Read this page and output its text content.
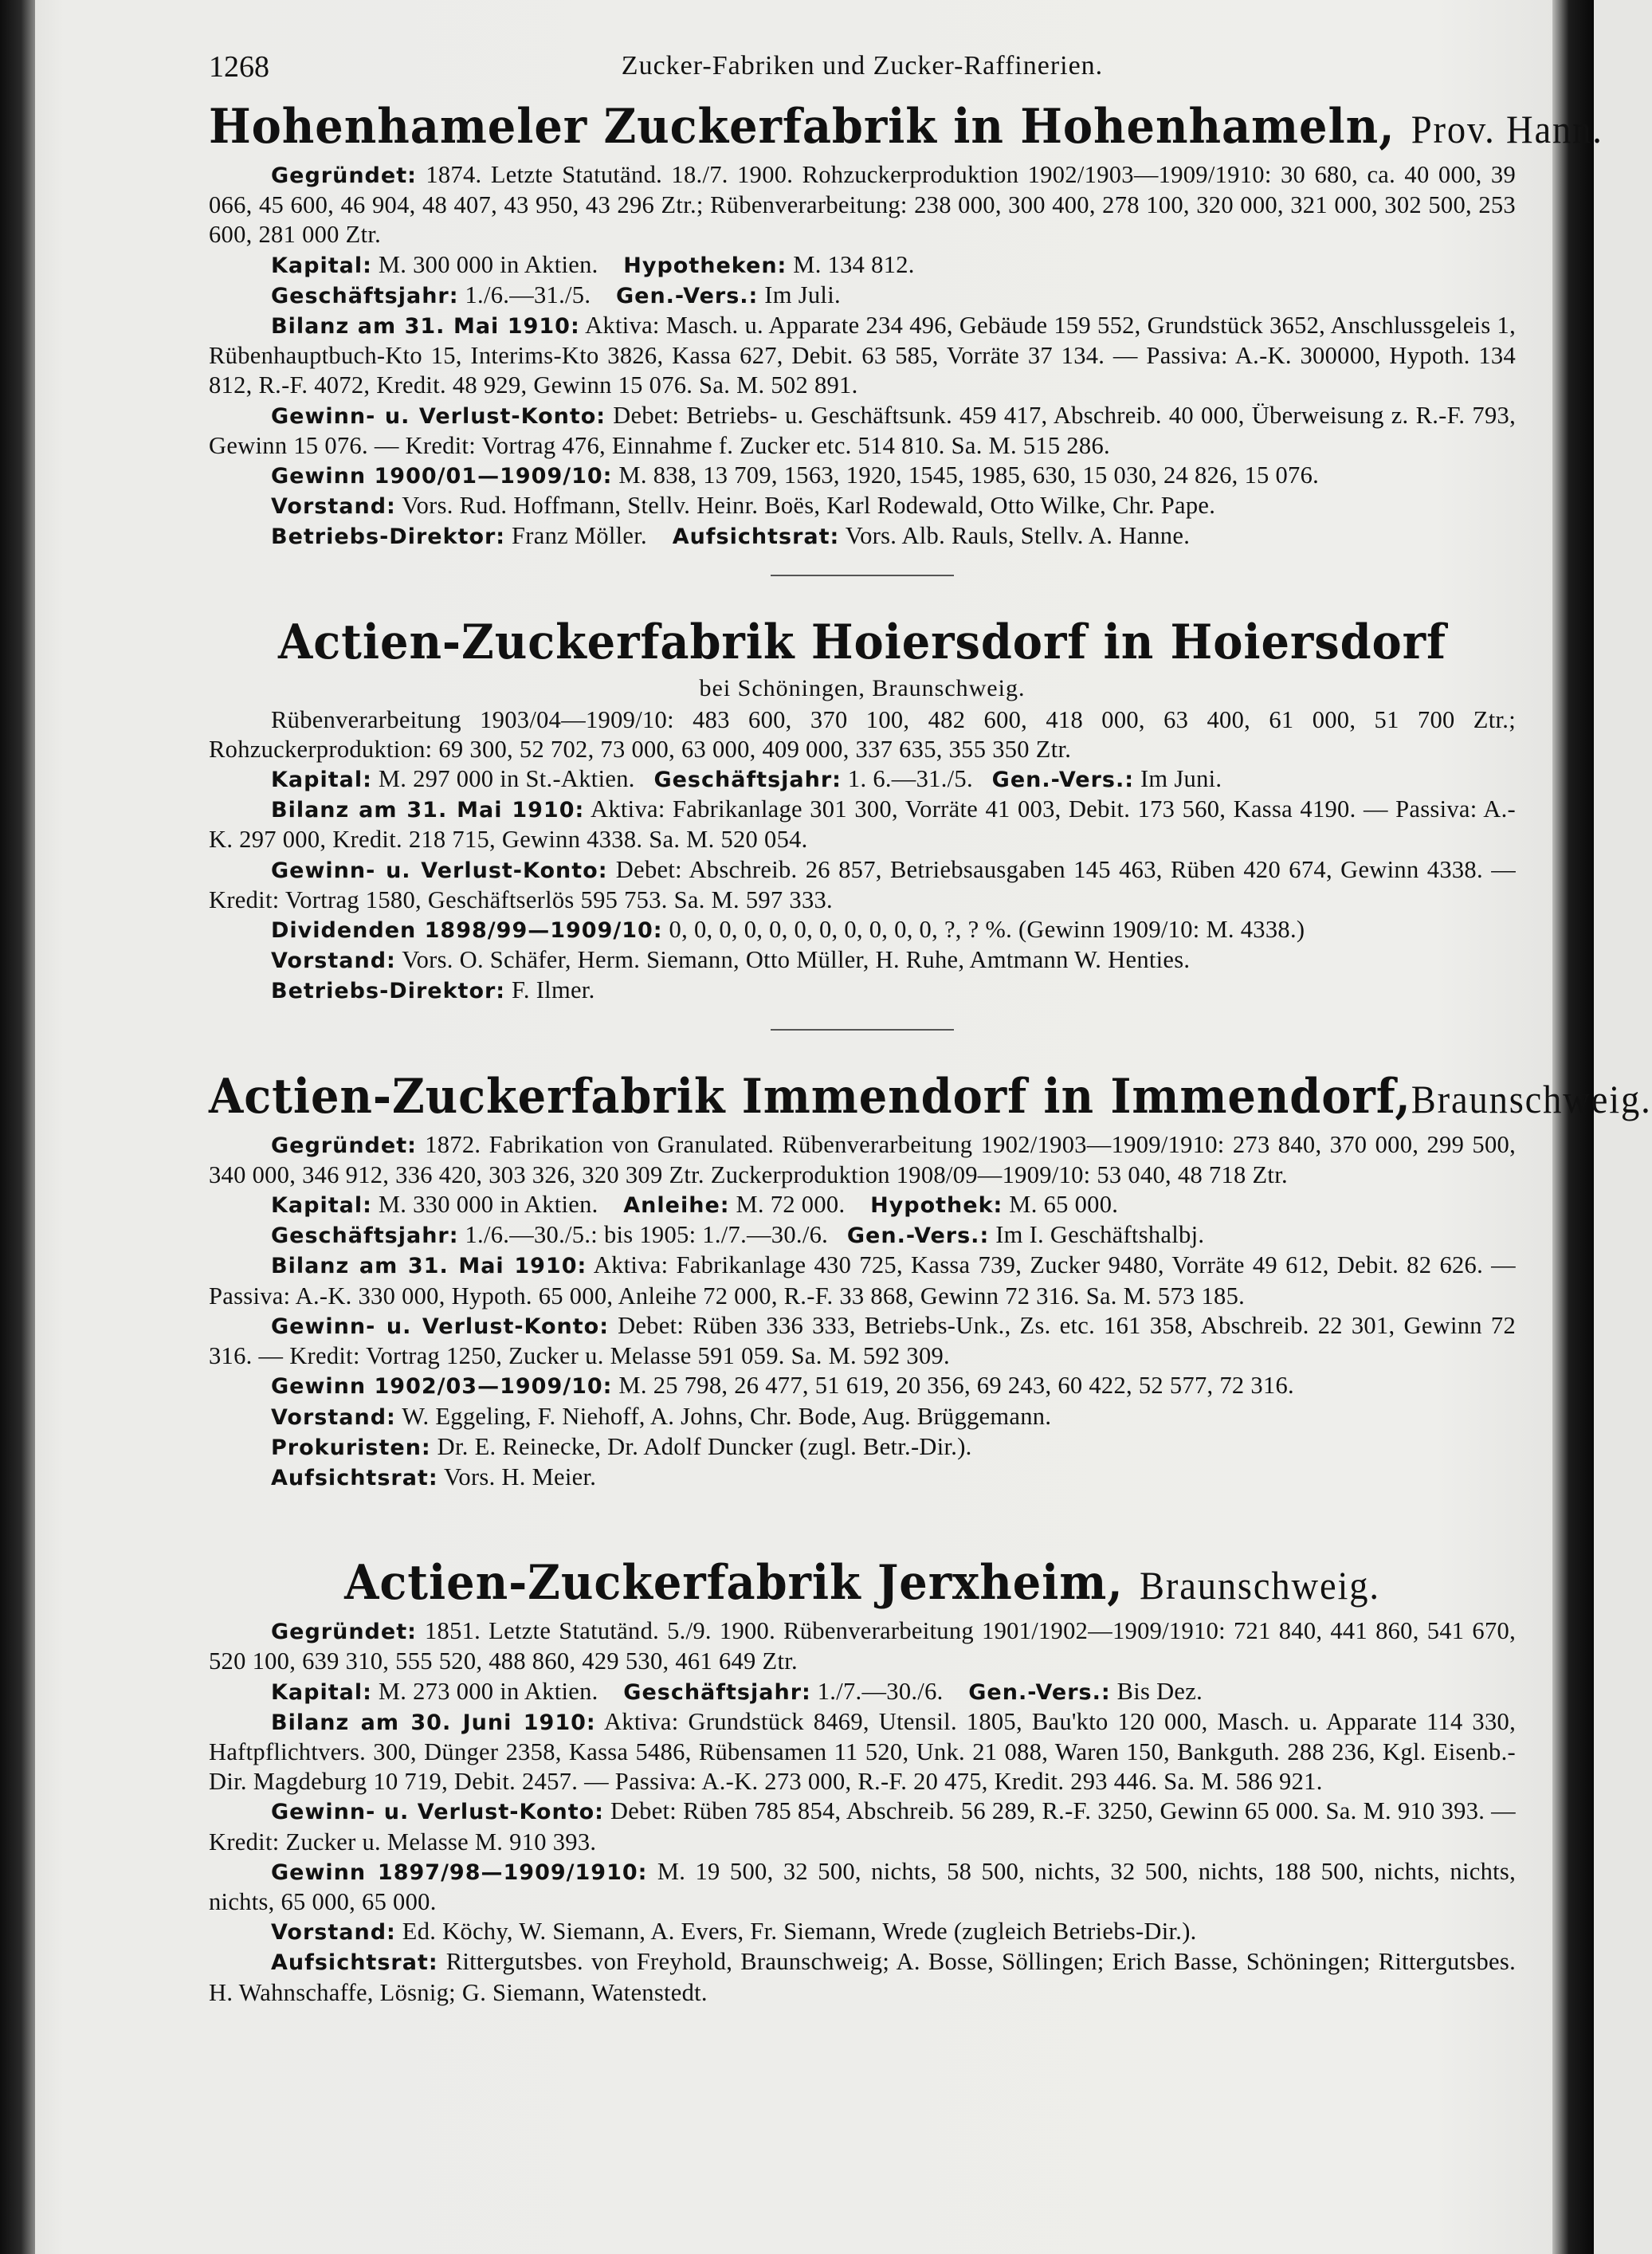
1268	Zucker-Fabriken und Zucker-Raffinerien.
Hohenhameler Zuckerfabrik in Hohenhameln, Prov. Hann.

Gegründet: 1874. Letzte Statutänd. 18./7. 1900. Rohzuckerproduktion 1902/1903—1909/1910: 30 680, ca. 40 000, 39 066, 45 600, 46 904, 48 407, 43 950, 43 296 Ztr.; Rübenverarbeitung: 238 000, 300 400, 278 100, 320 000, 321 000, 302 500, 253 600, 281 000 Ztr.

Kapital: M. 300 000 in Aktien. Hypotheken: M. 134 812.

Geschäftsjahr: 1./6.—31./5. Gen.-Vers.: Im Juli.

Bilanz am 31. Mai 1910: Aktiva: Masch. u. Apparate 234 496, Gebäude 159 552, Grundstück 3652, Anschlussgeleis 1, Rübenhauptbuch-Kto 15, Interims-Kto 3826, Kassa 627, Debit. 63 585, Vorräte 37 134. — Passiva: A.-K. 300000, Hypoth. 134 812, R.-F. 4072, Kredit. 48 929, Gewinn 15 076. Sa. M. 502 891.

Gewinn- u. Verlust-Konto: Debet: Betriebs- u. Geschäftsunk. 459 417, Abschreib. 40 000, Überweisung z. R.-F. 793, Gewinn 15 076. — Kredit: Vortrag 476, Einnahme f. Zucker etc. 514 810. Sa. M. 515 286.

Gewinn 1900/01—1909/10: M. 838, 13 709, 1563, 1920, 1545, 1985, 630, 15 030, 24 826, 15 076.

Vorstand: Vors. Rud. Hoffmann, Stellv. Heinr. Boës, Karl Rodewald, Otto Wilke, Chr. Pape.

Betriebs-Direktor: Franz Möller. Aufsichtsrat: Vors. Alb. Rauls, Stellv. A. Hanne.

Actien-Zuckerfabrik Hoiersdorf in Hoiersdorf
bei Schöningen, Braunschweig.

Rübenverarbeitung 1903/04—1909/10: 483 600, 370 100, 482 600, 418 000, 63 400, 61 000, 51 700 Ztr.; Rohzuckerproduktion: 69 300, 52 702, 73 000, 63 000, 409 000, 337 635, 355 350 Ztr.

Kapital: M. 297 000 in St.-Aktien. Geschäftsjahr: 1. 6.—31./5. Gen.-Vers.: Im Juni.

Bilanz am 31. Mai 1910: Aktiva: Fabrikanlage 301 300, Vorräte 41 003, Debit. 173 560, Kassa 4190. — Passiva: A.-K. 297 000, Kredit. 218 715, Gewinn 4338. Sa. M. 520 054.

Gewinn- u. Verlust-Konto: Debet: Abschreib. 26 857, Betriebsausgaben 145 463, Rüben 420 674, Gewinn 4338. — Kredit: Vortrag 1580, Geschäftserlös 595 753. Sa. M. 597 333.

Dividenden 1898/99—1909/10: 0, 0, 0, 0, 0, 0, 0, 0, 0, 0, 0, ?, ? %. (Gewinn 1909/10: M. 4338.)

Vorstand: Vors. O. Schäfer, Herm. Siemann, Otto Müller, H. Ruhe, Amtmann W. Henties.

Betriebs-Direktor: F. Ilmer.

Actien-Zuckerfabrik Immendorf in Immendorf,Braunschweig.

Gegründet: 1872. Fabrikation von Granulated. Rübenverarbeitung 1902/1903—1909/1910: 273 840, 370 000, 299 500, 340 000, 346 912, 336 420, 303 326, 320 309 Ztr. Zuckerproduktion 1908/09—1909/10: 53 040, 48 718 Ztr.

Kapital: M. 330 000 in Aktien. Anleihe: M. 72 000. Hypothek: M. 65 000.

Geschäftsjahr: 1./6.—30./5.: bis 1905: 1./7.—30./6. Gen.-Vers.: Im I. Geschäftshalbj.

Bilanz am 31. Mai 1910: Aktiva: Fabrikanlage 430 725, Kassa 739, Zucker 9480, Vorräte 49 612, Debit. 82 626. — Passiva: A.-K. 330 000, Hypoth. 65 000, Anleihe 72 000, R.-F. 33 868, Gewinn 72 316. Sa. M. 573 185.

Gewinn- u. Verlust-Konto: Debet: Rüben 336 333, Betriebs-Unk., Zs. etc. 161 358, Abschreib. 22 301, Gewinn 72 316. — Kredit: Vortrag 1250, Zucker u. Melasse 591 059. Sa. M. 592 309.

Gewinn 1902/03—1909/10: M. 25 798, 26 477, 51 619, 20 356, 69 243, 60 422, 52 577, 72 316.

Vorstand: W. Eggeling, F. Niehoff, A. Johns, Chr. Bode, Aug. Brüggemann.

Prokuristen: Dr. E. Reinecke, Dr. Adolf Duncker (zugl. Betr.-Dir.).

Aufsichtsrat: Vors. H. Meier.

Actien-Zuckerfabrik Jerxheim, Braunschweig.

Gegründet: 1851. Letzte Statutänd. 5./9. 1900. Rübenverarbeitung 1901/1902—1909/1910: 721 840, 441 860, 541 670, 520 100, 639 310, 555 520, 488 860, 429 530, 461 649 Ztr.

Kapital: M. 273 000 in Aktien. Geschäftsjahr: 1./7.—30./6. Gen.-Vers.: Bis Dez.

Bilanz am 30. Juni 1910: Aktiva: Grundstück 8469, Utensil. 1805, Bau'kto 120 000, Masch. u. Apparate 114 330, Haftpflichtvers. 300, Dünger 2358, Kassa 5486, Rübensamen 11 520, Unk. 21 088, Waren 150, Bankguth. 288 236, Kgl. Eisenb.-Dir. Magdeburg 10 719, Debit. 2457. — Passiva: A.-K. 273 000, R.-F. 20 475, Kredit. 293 446. Sa. M. 586 921.

Gewinn- u. Verlust-Konto: Debet: Rüben 785 854, Abschreib. 56 289, R.-F. 3250, Gewinn 65 000. Sa. M. 910 393. — Kredit: Zucker u. Melasse M. 910 393.

Gewinn 1897/98—1909/1910: M. 19 500, 32 500, nichts, 58 500, nichts, 32 500, nichts, 188 500, nichts, nichts, nichts, 65 000, 65 000.

Vorstand: Ed. Köchy, W. Siemann, A. Evers, Fr. Siemann, Wrede (zugleich Betriebs-Dir.).

Aufsichtsrat: Rittergutsbes. von Freyhold, Braunschweig; A. Bosse, Söllingen; Erich Basse, Schöningen; Rittergutsbes. H. Wahnschaffe, Lösnig; G. Siemann, Watenstedt.
